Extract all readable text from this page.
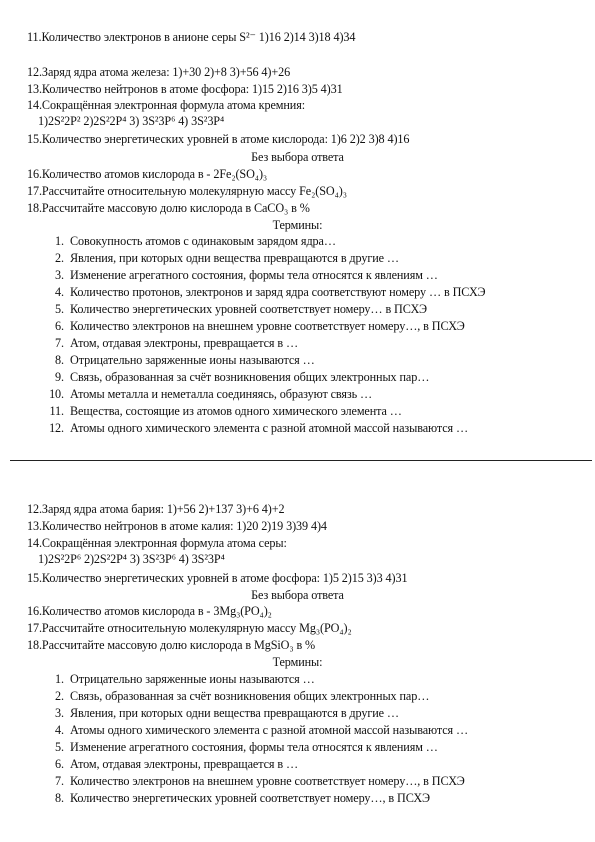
11.Количество электронов в анионе серы S²⁻ 1)16 2)14 3)18 4)34
12.Заряд ядра атома железа: 1)+30 2)+8 3)+56 4)+26
13.Количество нейтронов в атоме фосфора: 1)15 2)16 3)5 4)31
14.Сокращённая электронная формула атома кремния:
1)2S²2P² 2)2S²2P⁴ 3) 3S²3P⁶ 4) 3S²3P⁴
15.Количество энергетических уровней в атоме кислорода: 1)6 2)2 3)8 4)16
Без выбора ответа
16.Количество атомов кислорода в - 2Fe₂(SO₄)₃
17.Рассчитайте относительную молекулярную массу Fe₂(SO₄)₃
18.Рассчитайте массовую долю кислорода в CaCO₃ в %
Термины:
1. Совокупность атомов с одинаковым зарядом ядра…
2. Явления, при которых одни вещества превращаются в другие …
3. Изменение агрегатного состояния, формы тела относятся к явлениям …
4. Количество протонов, электронов и заряд ядра соответствуют номеру … в ПСХЭ
5. Количество энергетических уровней соответствует номеру… в ПСХЭ
6. Количество электронов на внешнем уровне соответствует номеру…, в ПСХЭ
7. Атом, отдавая электроны, превращается в …
8. Отрицательно заряженные ионы называются …
9. Связь, образованная за счёт возникновения общих электронных пар…
10. Атомы металла и неметалла соединяясь, образуют связь …
11. Вещества, состоящие из атомов одного химического элемента …
12. Атомы одного химического элемента с разной атомной массой называются …
12.Заряд ядра атома бария: 1)+56 2)+137 3)+6 4)+2
13.Количество нейтронов в атоме калия: 1)20 2)19 3)39 4)4
14.Сокращённая электронная формула атома серы:
1)2S²2P⁶ 2)2S²2P⁴ 3) 3S²3P⁶ 4) 3S²3P⁴
15.Количество энергетических уровней в атоме фосфора: 1)5 2)15 3)3 4)31
Без выбора ответа
16.Количество атомов кислорода в - 3Mg₃(PO₄)₂
17.Рассчитайте относительную молекулярную массу Mg₃(PO₄)₂
18.Рассчитайте массовую долю кислорода в MgSiO₃ в %
Термины:
1. Отрицательно заряженные ионы называются …
2. Связь, образованная за счёт возникновения общих электронных пар…
3. Явления, при которых одни вещества превращаются в другие …
4. Атомы одного химического элемента с разной атомной массой называются …
5. Изменение агрегатного состояния, формы тела относятся к явлениям …
6. Атом, отдавая электроны, превращается в …
7. Количество электронов на внешнем уровне соответствует номеру…, в ПСХЭ
8. Количество энергетических уровней соответствует номеру…, в ПСХЭ
